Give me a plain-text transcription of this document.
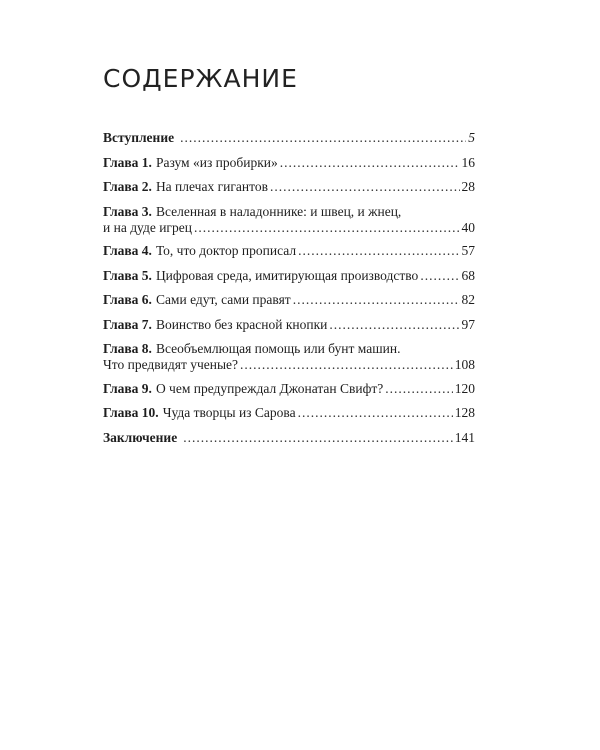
СОДЕРЖАНИЕ
Вступление .....	5
Глава 1. Разум «из пробирки» .....	16
Глава 2. На плечах гигантов .....	28
Глава 3. Вселенная в наладоннике: и швец, и жнец,
и на дуде игрец .....	40
Глава 4. То, что доктор прописал .....	57
Глава 5. Цифровая среда, имитирующая производство .....	68
Глава 6. Сами едут, сами правят .....	82
Глава 7. Воинство без красной кнопки .....	97
Глава 8. Всеобъемлющая помощь или бунт машин.
Что предвидят ученые? .....	108
Глава 9. О чем предупреждал Джонатан Свифт? .....	120
Глава 10. Чуда творцы из Сарова .....	128
Заключение .....	141
